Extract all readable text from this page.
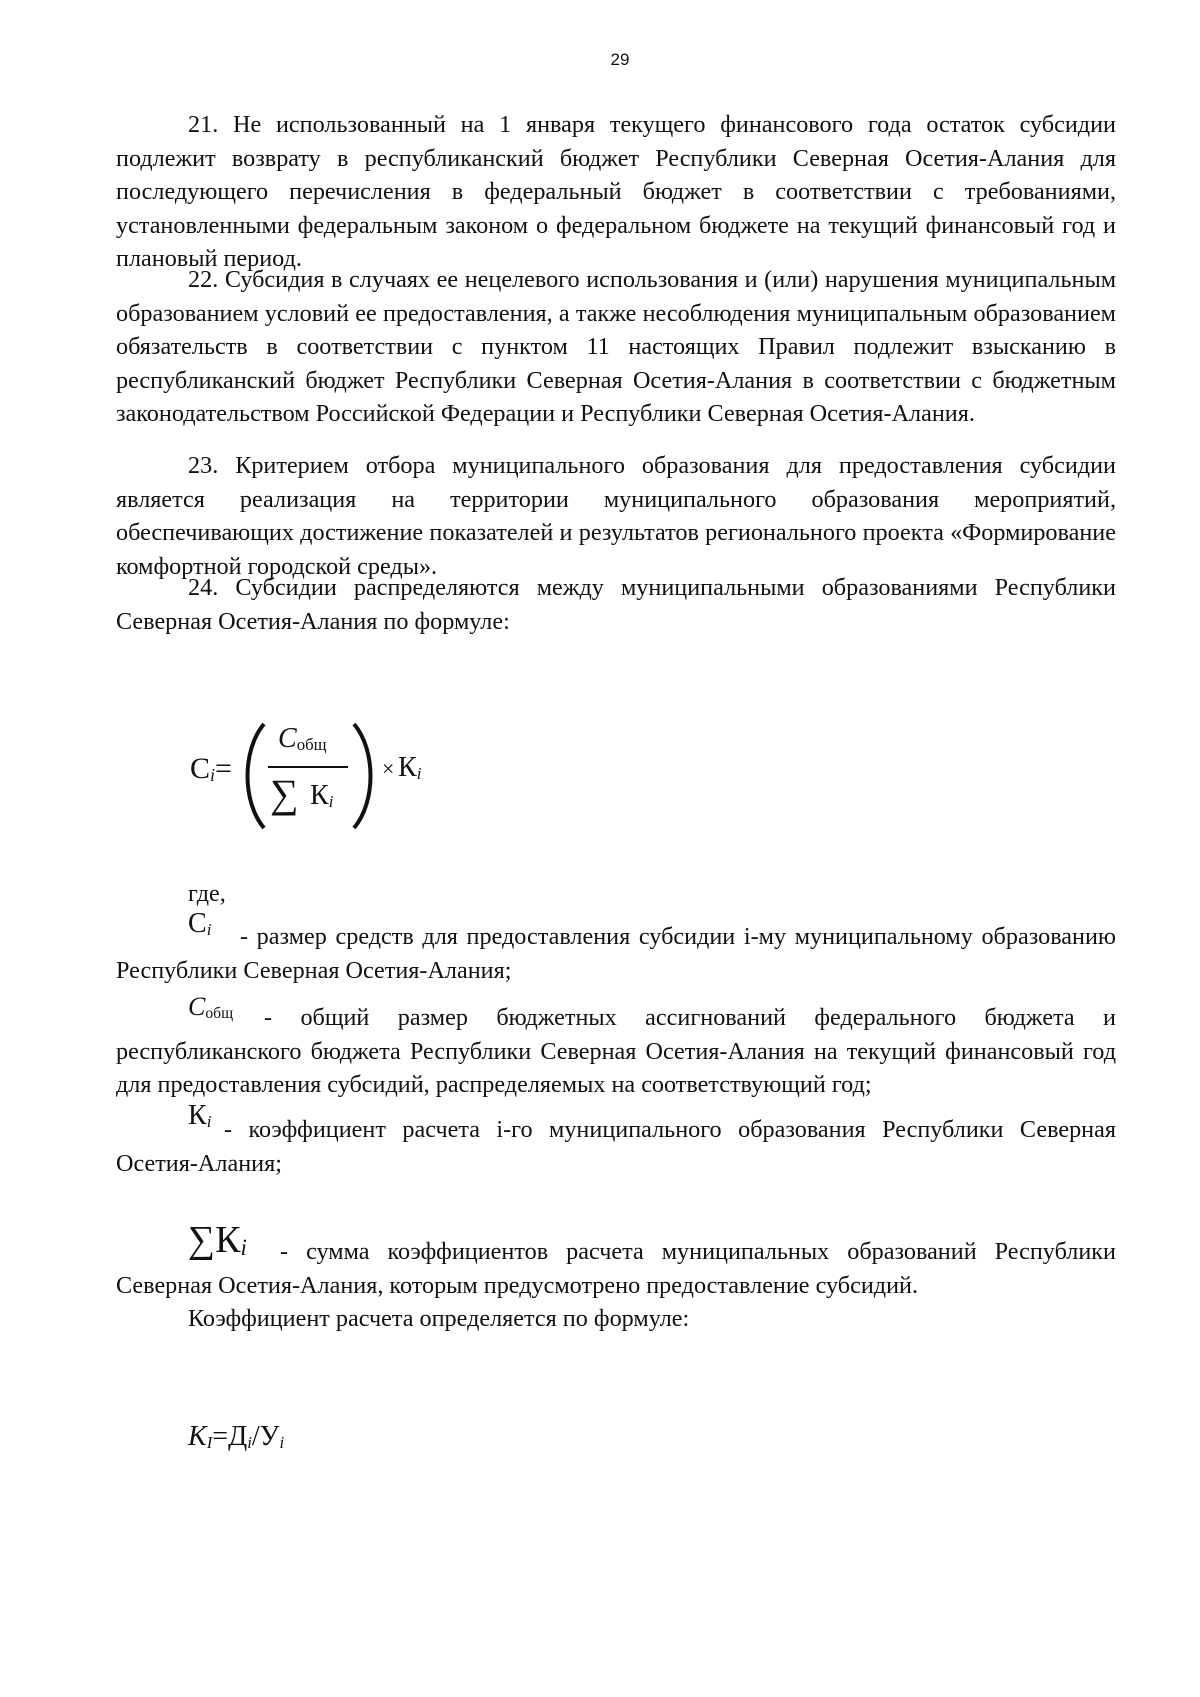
29

21. Не использованный на 1 января текущего финансового года остаток субсидии подлежит возврату в республиканский бюджет Республики Северная Осетия-Алания для последующего перечисления в федеральный бюджет в соответствии с требованиями, установленными федеральным законом о федеральном бюджете на текущий финансовый год и плановый период.

22. Субсидия в случаях ее нецелевого использования и (или) нарушения муниципальным образованием условий ее предоставления, а также несоблюдения муниципальным образованием обязательств в соответствии с пунктом 11 настоящих Правил подлежит взысканию в республиканский бюджет Республики Северная Осетия-Алания в соответствии с бюджетным законодательством Российской Федерации и Республики Северная Осетия-Алания.

23. Критерием отбора муниципального образования для предоставления субсидии является реализация на территории муниципального образования мероприятий, обеспечивающих достижение показателей и результатов регионального проекта «Формирование комфортной городской среды».

24. Субсидии распределяются между муниципальными образованиями Республики Северная Осетия-Алания по формуле:

$С_i=$
$С_{общ}$
∑ $К_i$
× $К_i$
где,
$С_i$	- размер средств для предоставления субсидии i-му муниципальному образованию Республики Северная Осетия-Алания;

$С_{общ}$	- общий размер бюджетных ассигнований федерального бюджета и республиканского бюджета Республики Северная Осетия-Алания на текущий финансовый год для предоставления субсидий, распределяемых на соответствующий год;

$К_i$ - коэффициент расчета i-го муниципального образования Республики Северная Осетия-Алания;

$\sum К_i$	- сумма коэффициентов расчета муниципальных образований Республики Северная Осетия-Алания, которым предусмотрено предоставление субсидий.

Коэффициент расчета определяется по формуле:

$K_I=Д_i/У_i$
